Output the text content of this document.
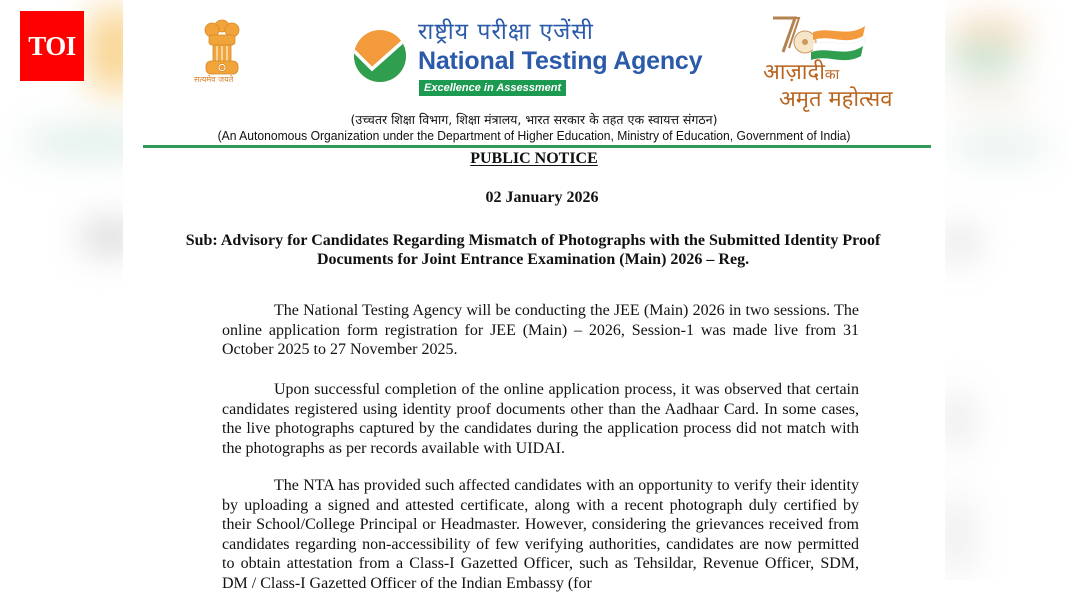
TOI
सत्यमेव जयते
राष्ट्रीय परीक्षा एजेंसी
National Testing Agency
Excellence in Assessment
आज़ादीका
अमृत महोत्सव
(उच्चतर शिक्षा विभाग, शिक्षा मंत्रालय, भारत सरकार के तहत एक स्वायत्त संगठन)
(An Autonomous Organization under the Department of Higher Education, Ministry of Education, Government of India)
PUBLIC NOTICE
02 January 2026
Sub: Advisory for Candidates Regarding Mismatch of Photographs with the Submitted Identity Proof Documents for Joint Entrance Examination (Main) 2026 – Reg.

The National Testing Agency will be conducting the JEE (Main) 2026 in two sessions. The online application form registration for JEE (Main) – 2026, Session-1 was made live from 31 October 2025 to 27 November 2025.

Upon successful completion of the online application process, it was observed that certain candidates registered using identity proof documents other than the Aadhaar Card. In some cases, the live photographs captured by the candidates during the application process did not match with the photographs as per records available with UIDAI.

The NTA has provided such affected candidates with an opportunity to verify their identity by uploading a signed and attested certificate, along with a recent photograph duly certified by their School/College Principal or Headmaster. However, considering the grievances received from candidates regarding non-accessibility of few verifying authorities, candidates are now permitted to obtain attestation from a Class-I Gazetted Officer, such as Tehsildar, Revenue Officer, SDM, DM / Class-I Gazetted Officer of the Indian Embassy (for
